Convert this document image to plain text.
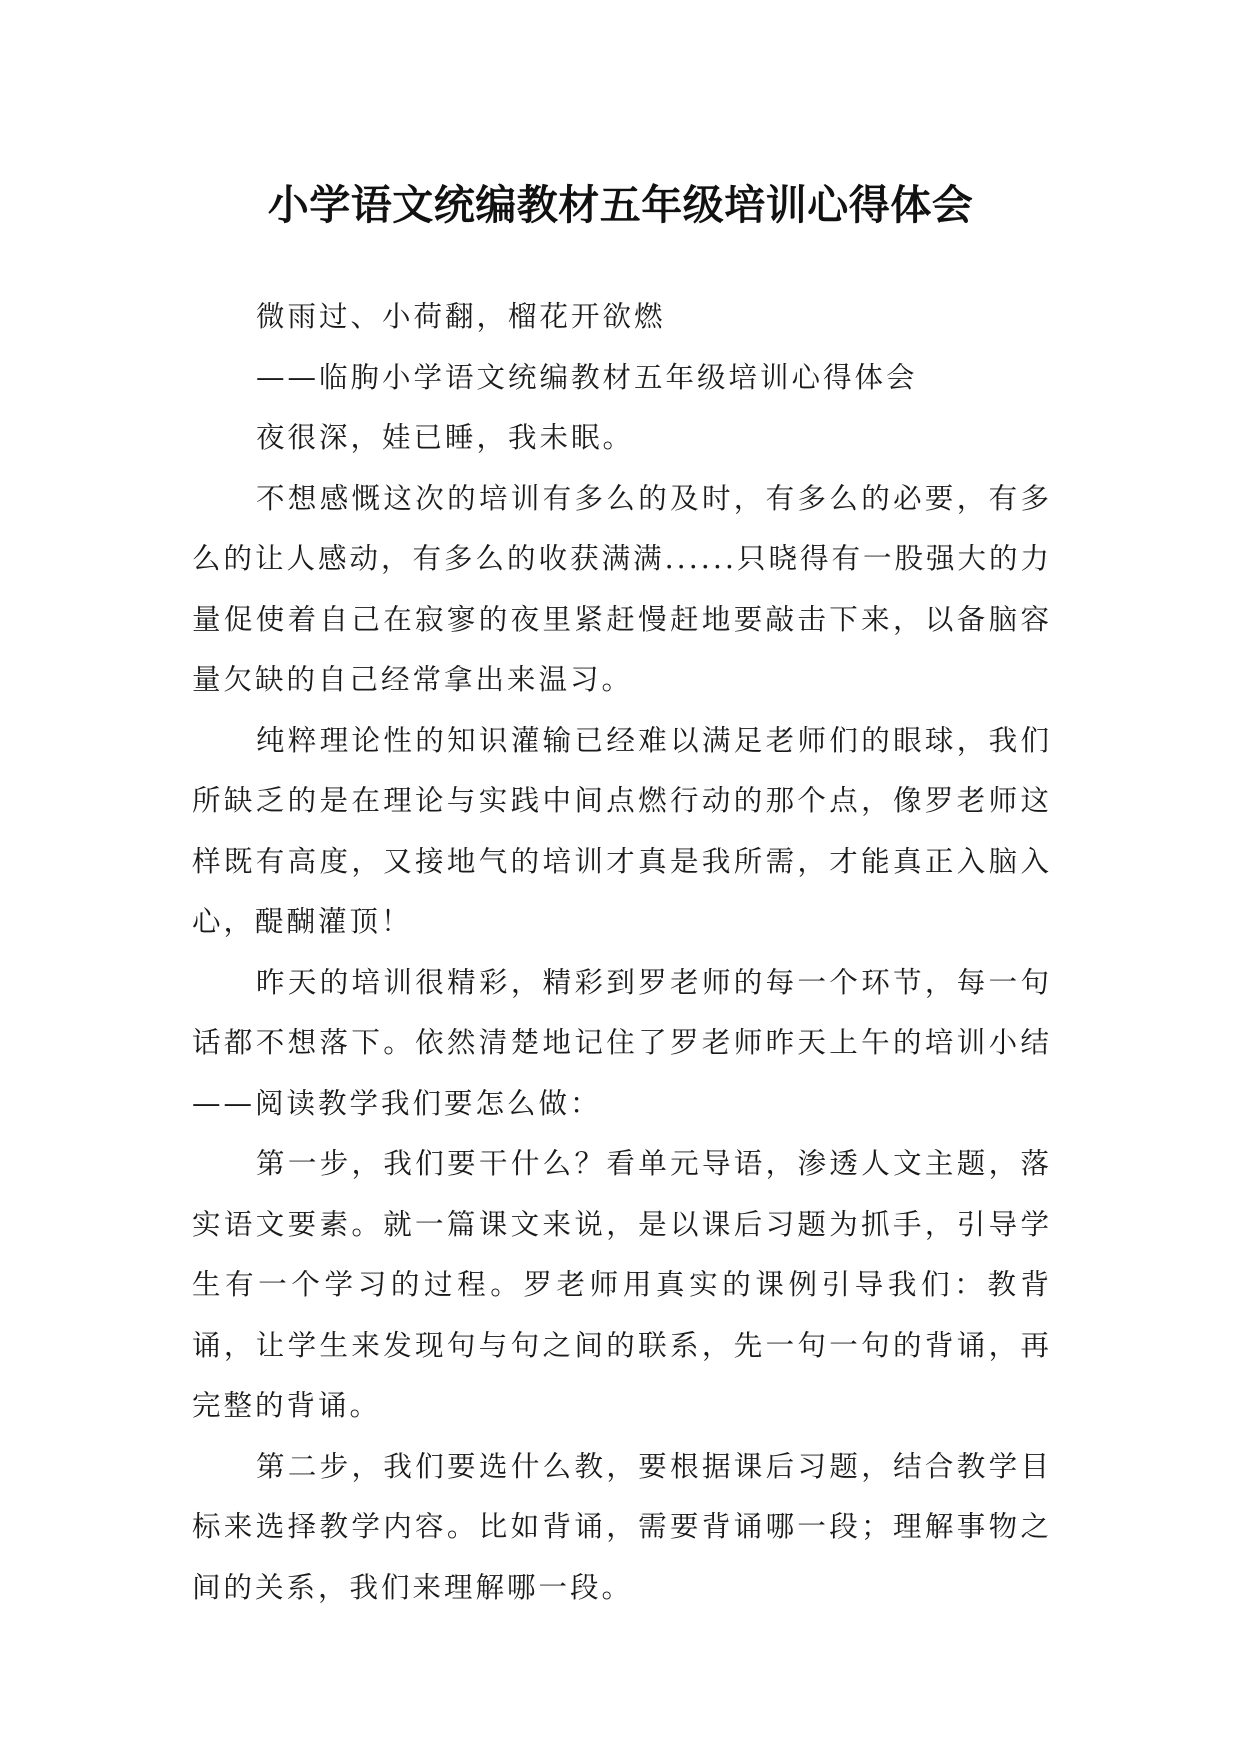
小学语文统编教材五年级培训心得体会

微雨过、小荷翻，榴花开欲燃

——临朐小学语文统编教材五年级培训心得体会

夜很深，娃已睡，我未眠。

不想感慨这次的培训有多么的及时，有多么的必要，有多么的让人感动，有多么的收获满满......只晓得有一股强大的力量促使着自己在寂寥的夜里紧赶慢赶地要敲击下来，以备脑容量欠缺的自己经常拿出来温习。

纯粹理论性的知识灌输已经难以满足老师们的眼球，我们所缺乏的是在理论与实践中间点燃行动的那个点，像罗老师这样既有高度，又接地气的培训才真是我所需，才能真正入脑入心，醍醐灌顶！

昨天的培训很精彩，精彩到罗老师的每一个环节，每一句话都不想落下。依然清楚地记住了罗老师昨天上午的培训小结——阅读教学我们要怎么做：

第一步，我们要干什么？看单元导语，渗透人文主题，落实语文要素。就一篇课文来说，是以课后习题为抓手，引导学生有一个学习的过程。罗老师用真实的课例引导我们：教背诵，让学生来发现句与句之间的联系，先一句一句的背诵，再完整的背诵。

第二步，我们要选什么教，要根据课后习题，结合教学目标来选择教学内容。比如背诵，需要背诵哪一段；理解事物之间的关系，我们来理解哪一段。
